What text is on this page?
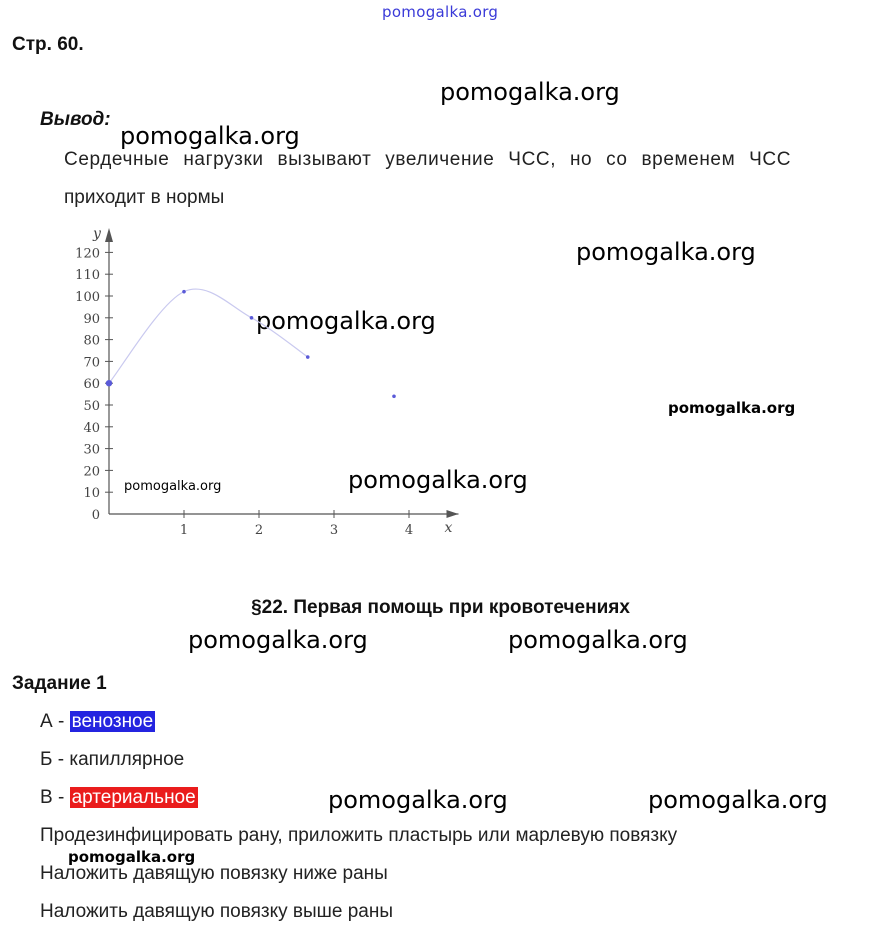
pomogalka.org
pomogalka.org
pomogalka.org
pomogalka.org
pomogalka.org
pomogalka.org
pomogalka.org
pomogalka.org
pomogalka.org	pomogalka.org
pomogalka.org	pomogalka.org
pomogalka.org
Стр. 60.
Вывод:
Сердечные нагрузки вызывают увеличение ЧСС, но со временем ЧСС
приходит в нормы
0
10
20
30
40
50
60
70
80
90
100
110
120
1	2	3	4 x
y
§22. Первая помощь при кровотечениях
Задание 1
А - венозное
Б - капиллярное
В - артериальное
Продезинфицировать рану, приложить пластырь или марлевую повязку
Наложить давящую повязку ниже раны
Наложить давящую повязку выше раны
